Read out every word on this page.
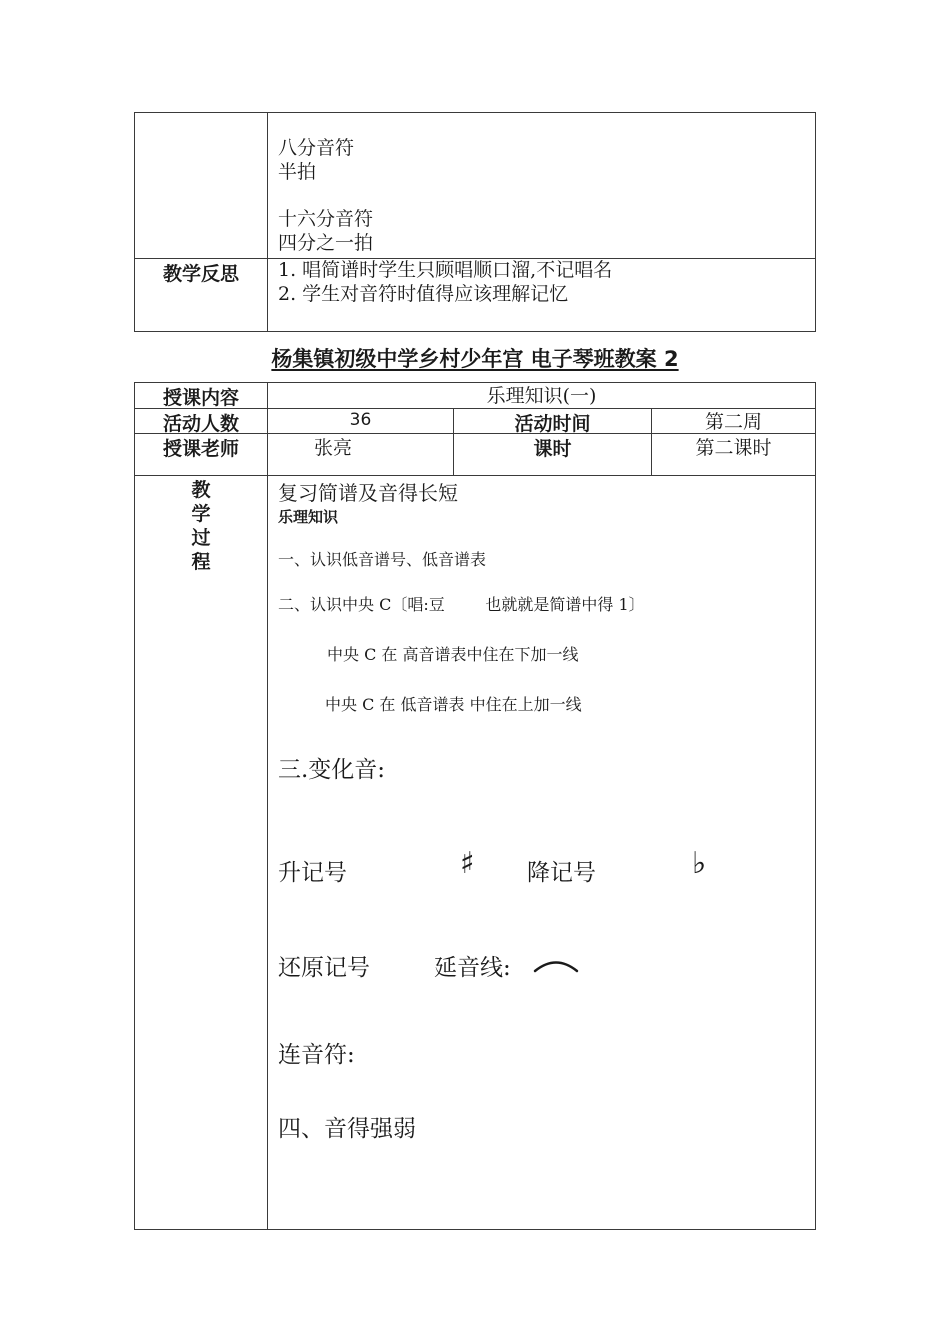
八分音符
半拍
十六分音符
四分之一拍
教学反思	1. 唱简谱时学生只顾唱顺口溜,不记唱名
2. 学生对音符时值得应该理解记忆
杨集镇初级中学乡村少年宫 电子琴班教案 2
授课内容	乐理知识(一)
活动人数	36	活动时间	第二周
授课老师	张亮	课时	第二课时
教
学
过
程
复习简谱及音得长短
乐理知识
一、认识低音谱号、低音谱表
二、认识中央 C〔唱:豆        也就就是简谱中得 1〕
中央 C 在 高音谱表中住在下加一线
中央 C 在 低音谱表 中住在上加一线
三.变化音:
升记号	♯ 降记号	♭
还原记号	延音线:
连音符:
四、音得强弱
